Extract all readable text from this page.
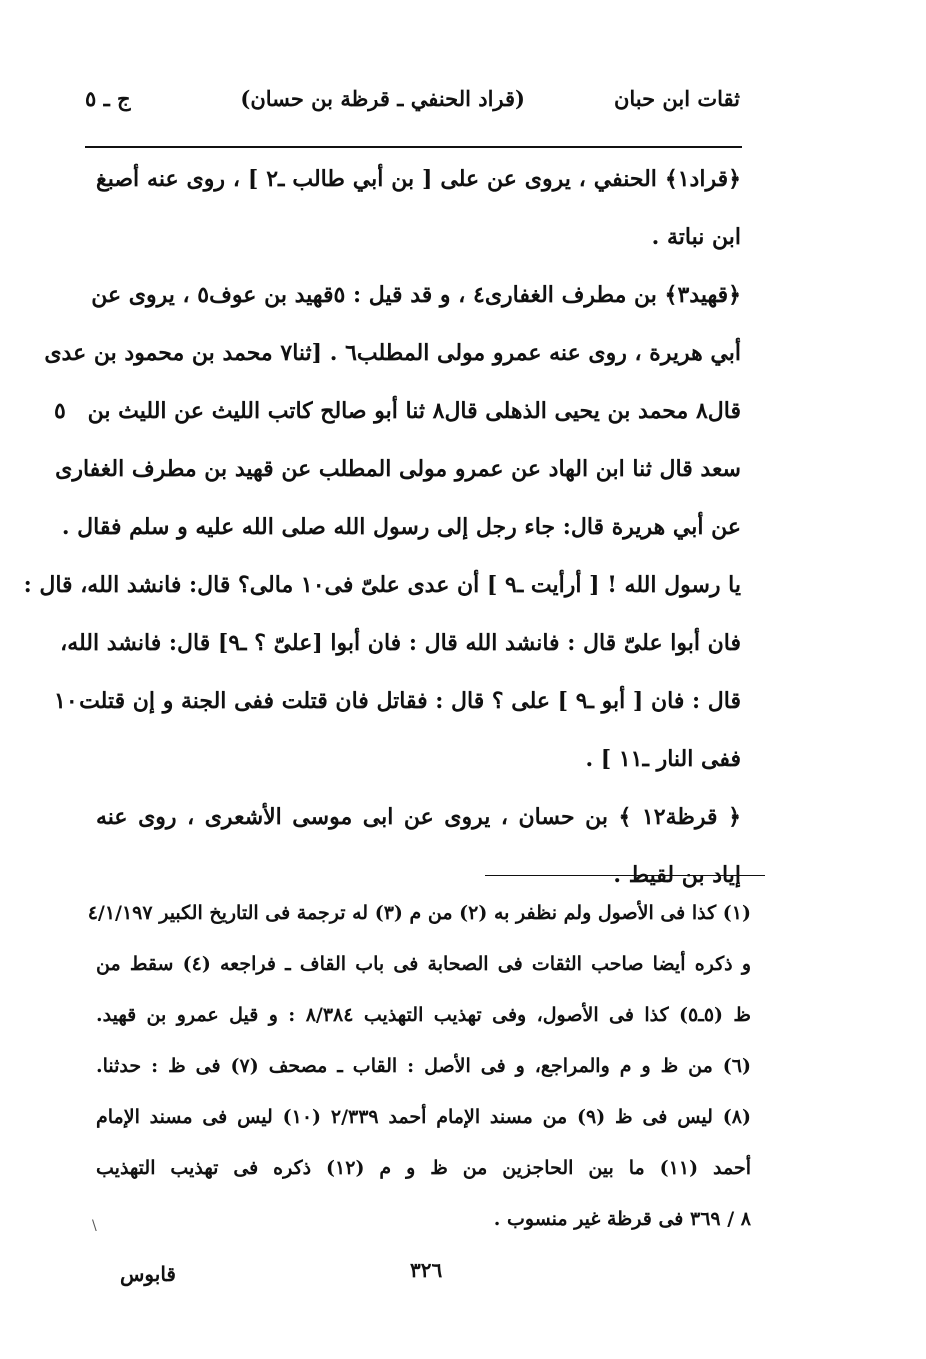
ثقات ابن حبان
(قراد الحنفي ـ قرظة بن حسان)
ج ـ ٥
﴿قراد١﴾ الحنفي ، يروى عن على [ بن أبي طالب ـ٢ ] ، روى عنه أصبغ
ابن نباتة .
﴿قهيد٣﴾ بن مطرف الغفارى٤ ، و قد قيل : ٥قهيد بن عوف٥ ، يروى عن
أبي هريرة ، روى عنه عمرو مولى المطلب٦ . [ثنا٧ محمد بن محمود بن عدى
قال٨ محمد بن يحيى الذهلى قال٨ ثنا أبو صالح كاتب الليث عن الليث بن
٥
سعد قال ثنا ابن الهاد عن عمرو مولى المطلب عن قهيد بن مطرف الغفارى
عن أبي هريرة قال: جاء رجل إلى رسول الله صلى الله عليه و سلم فقال .
يا رسول الله ! [ أرأيت ـ٩ ] أن عدى علىّ فى١٠ مالى؟ قال: فانشد الله، قال :
فان أبوا علىّ قال : فانشد الله قال : فان أبوا [علىّ ؟ ـ٩] قال: فانشد الله،
قال : فان [ أبو ـ٩ ] على ؟ قال : فقاتل فان قتلت ففى الجنة و إن قتلت
١٠
ففى النار ـ١١ ] .
﴿ قرظة١٢ ﴾ بن حسان ، يروى عن ابى موسى الأشعرى ، روى عنه
إياد بن لقيط .
(١) كذا فى الأصول ولم نظفر به (٢) من م (٣) له ترجمة فى التاريخ الكبير ٤/١/١٩٧
و ذكره أيضا صاحب الثقات فى الصحابة فى باب القاف ـ فراجعه (٤) سقط من
ظ (٥ـ٥) كذا فى الأصول، وفى تهذيب التهذيب ٨/٣٨٤ : و قيل عمرو بن قهيد.
(٦) من ظ و م والمراجع، و فى الأصل : القاب ـ مصحف (٧) فى ظ : حدثنا.
(٨) ليس فى ظ (٩) من مسند الإمام أحمد ٢/٣٣٩ (١٠) ليس فى مسند الإمام
أحمد (١١) ما بين الحاجزين من ظ و م (١٢) ذكره فى تهذيب التهذيب
٨ / ٣٦٩ فى قرظة غير منسوب .
٣٢٦
قابوس
\
